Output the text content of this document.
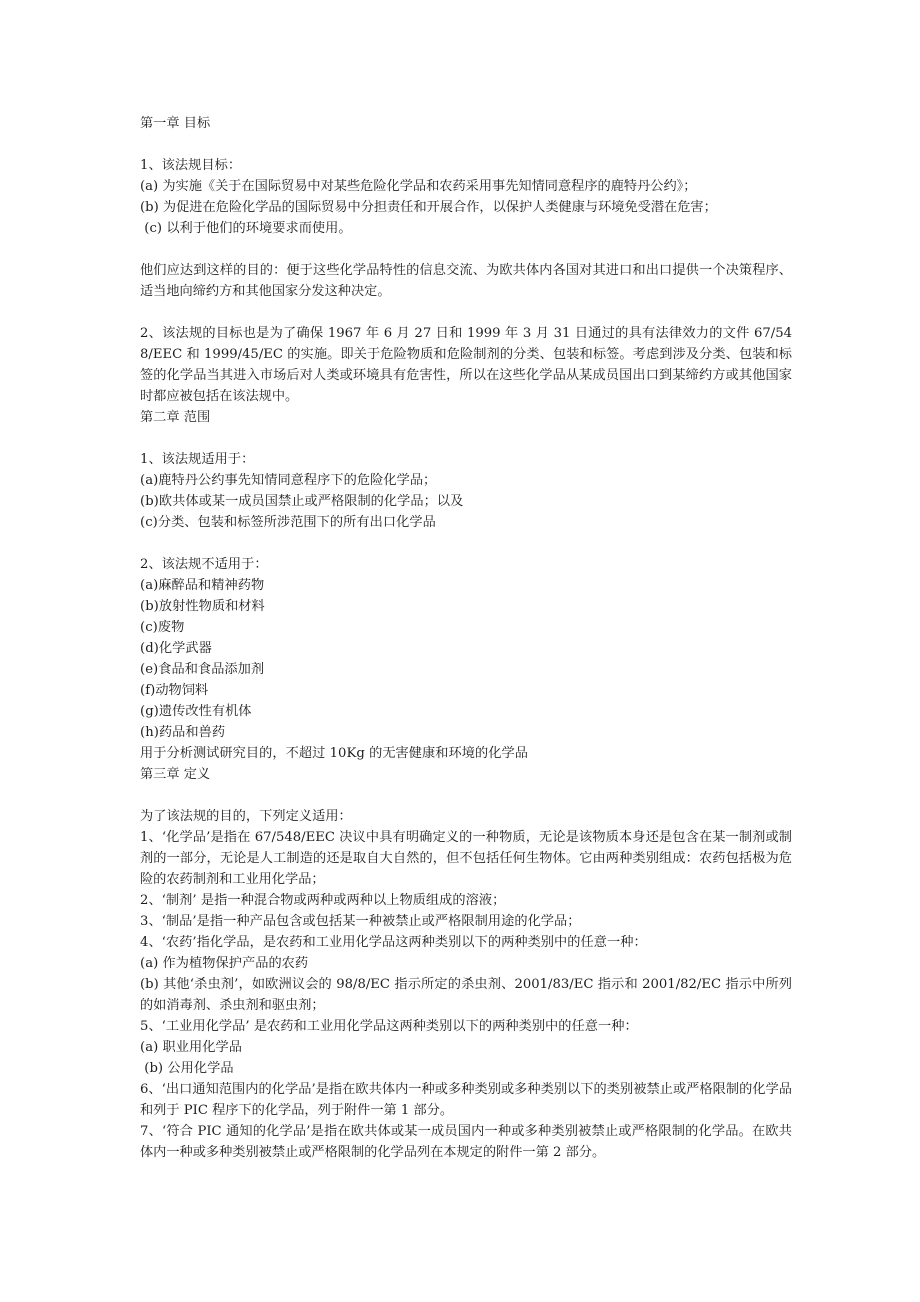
第一章 目标
1、该法规目标：
(a) 为实施《关于在国际贸易中对某些危险化学品和农药采用事先知情同意程序的鹿特丹公约》；
(b) 为促进在危险化学品的国际贸易中分担责任和开展合作，以保护人类健康与环境免受潜在危害；
(c) 以利于他们的环境要求而使用。
他们应达到这样的目的：便于这些化学品特性的信息交流、为欧共体内各国对其进口和出口提供一个决策程序、适当地向缔约方和其他国家分发这种决定。
2、该法规的目标也是为了确保 1967 年 6 月 27 日和 1999 年 3 月 31 日通过的具有法律效力的文件 67/548/EEC 和 1999/45/EC 的实施。即关于危险物质和危险制剂的分类、包装和标签。考虑到涉及分类、包装和标签的化学品当其进入市场后对人类或环境具有危害性，所以在这些化学品从某成员国出口到某缔约方或其他国家时都应被包括在该法规中。
第二章 范围
1、该法规适用于：
(a)鹿特丹公约事先知情同意程序下的危险化学品；
(b)欧共体或某一成员国禁止或严格限制的化学品；以及
(c)分类、包装和标签所涉范围下的所有出口化学品
2、该法规不适用于：
(a)麻醉品和精神药物
(b)放射性物质和材料
(c)废物
(d)化学武器
(e)食品和食品添加剂
(f)动物饲料
(g)遗传改性有机体
(h)药品和兽药
用于分析测试研究目的，不超过 10Kg 的无害健康和环境的化学品
第三章 定义
为了该法规的目的，下列定义适用：
1、‘化学品’是指在 67/548/EEC 决议中具有明确定义的一种物质，无论是该物质本身还是包含在某一制剂或制剂的一部分，无论是人工制造的还是取自大自然的，但不包括任何生物体。它由两种类别组成：农药包括极为危险的农药制剂和工业用化学品；
2、‘制剂’ 是指一种混合物或两种或两种以上物质组成的溶液；
3、‘制品’是指一种产品包含或包括某一种被禁止或严格限制用途的化学品；
4、‘农药’指化学品，是农药和工业用化学品这两种类别以下的两种类别中的任意一种：
(a) 作为植物保护产品的农药
(b) 其他‘杀虫剂’，如欧洲议会的 98/8/EC 指示所定的杀虫剂、2001/83/EC 指示和 2001/82/EC 指示中所列的如消毒剂、杀虫剂和驱虫剂；
5、‘工业用化学品’ 是农药和工业用化学品这两种类别以下的两种类别中的任意一种：
(a) 职业用化学品
(b) 公用化学品
6、‘出口通知范围内的化学品’是指在欧共体内一种或多种类别或多种类别以下的类别被禁止或严格限制的化学品和列于 PIC 程序下的化学品，列于附件一第 1 部分。
7、‘符合 PIC 通知的化学品’是指在欧共体或某一成员国内一种或多种类别被禁止或严格限制的化学品。在欧共体内一种或多种类别被禁止或严格限制的化学品列在本规定的附件一第 2 部分。
